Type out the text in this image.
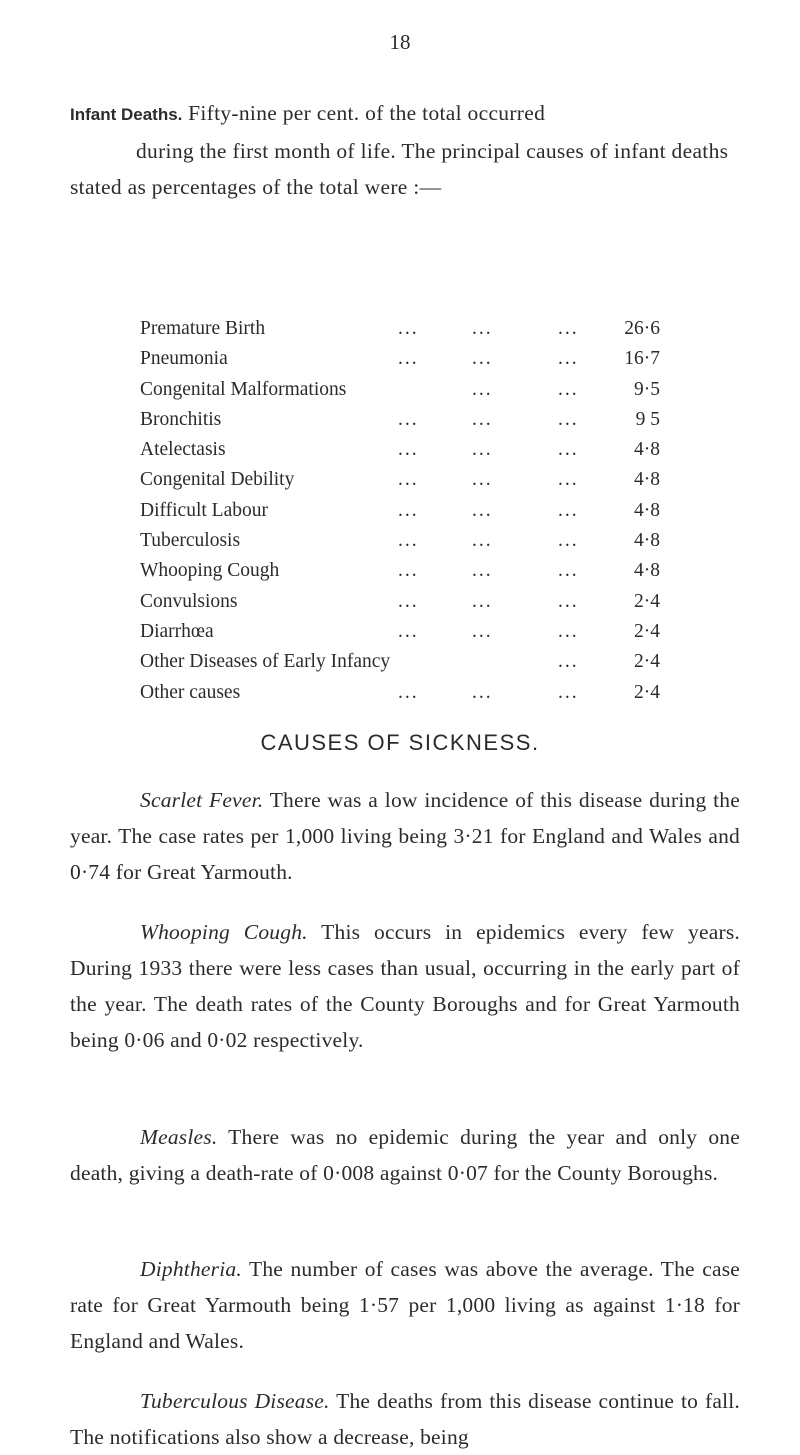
18

Infant Deaths. Fifty-nine per cent. of the total occurred
during the first month of life. The principal causes of infant deaths stated as percentages of the total were :—

Premature Birth	...	...	... 26·6
Pneumonia	...	...	... 16·7
Congenital Malformations	...	...	9·5
Bronchitis	...	...	...	9 5
Atelectasis	...	...	...	4·8
Congenital Debility	...	...	...	4·8
Difficult Labour	...	...	...	4·8
Tuberculosis	...	...	...	4·8
Whooping Cough	...	...	...	4·8
Convulsions	...	...	...	2·4
Diarrhœa	...	...	...	2·4
Other Diseases of Early Infancy	...	2·4
Other causes	...	...	...	2·4
CAUSES OF SICKNESS.

Scarlet Fever. There was a low incidence of this disease during the year. The case rates per 1,000 living being 3·21 for England and Wales and 0·74 for Great Yarmouth.

Whooping Cough. This occurs in epidemics every few years. During 1933 there were less cases than usual, occurring in the early part of the year. The death rates of the County Boroughs and for Great Yarmouth being 0·06 and 0·02 respectively.

Measles. There was no epidemic during the year and only one death, giving a death-rate of 0·008 against 0·07 for the County Boroughs.

Diphtheria. The number of cases was above the average. The case rate for Great Yarmouth being 1·57 per 1,000 living as against 1·18 for England and Wales.

Tuberculous Disease. The deaths from this disease continue to fall. The notifications also show a decrease, being
